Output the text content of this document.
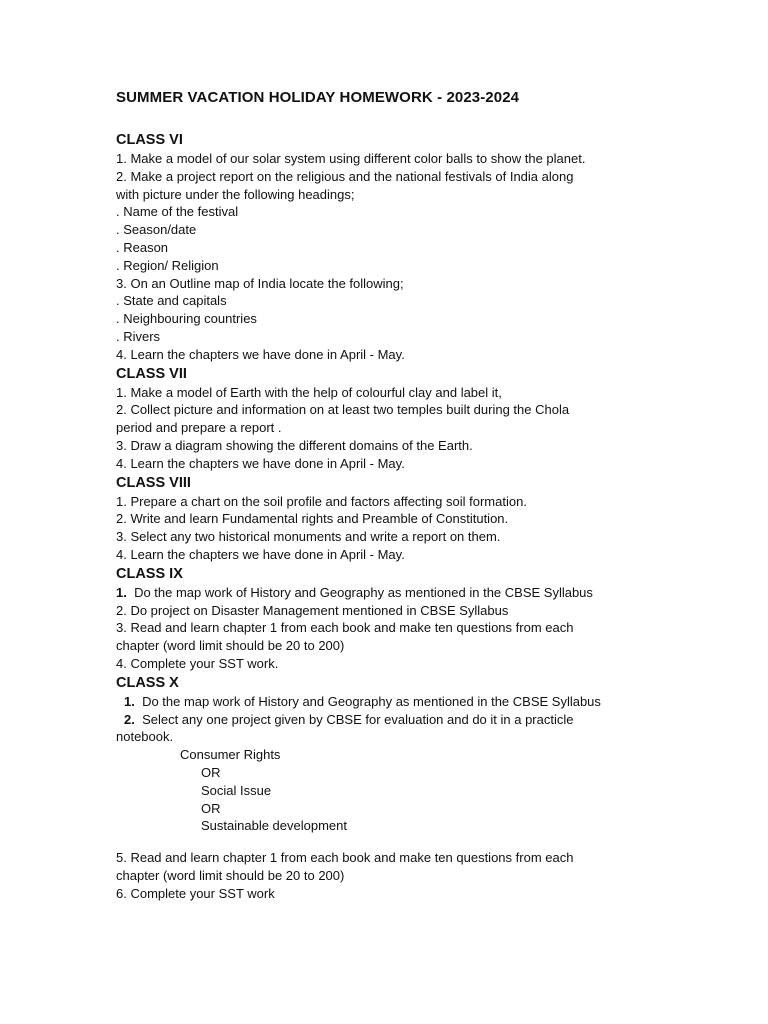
SUMMER VACATION HOLIDAY HOMEWORK - 2023-2024

CLASS VI

1. Make a model of our solar system using different color balls to show the planet.

2. Make a project report on the religious and the national festivals of India along

with picture under the following headings;

. Name of the festival

. Season/date

. Reason

. Region/ Religion

3. On an Outline map of India locate the following;

. State and capitals

. Neighbouring countries

. Rivers

4. Learn the chapters we have done in April - May.

CLASS VII

1. Make a model of Earth with the help of colourful clay and label it,

2. Collect picture and information on at least two temples built during the Chola

period and prepare a report .

3. Draw a diagram showing the different domains of the Earth.

4. Learn the chapters we have done in April - May.

CLASS VIII

1. Prepare a chart on the soil profile and factors affecting soil formation.

2. Write and learn Fundamental rights and Preamble of Constitution.

3. Select any two historical monuments and write a report on them.

4. Learn the chapters we have done in April - May.

CLASS IX

1.  Do the map work of History and Geography as mentioned in the CBSE Syllabus

2. Do project on Disaster Management mentioned in CBSE Syllabus

3. Read and learn chapter 1 from each book and make ten questions from each

chapter (word limit should be 20 to 200)

4. Complete your SST work.

CLASS X

1.  Do the map work of History and Geography as mentioned in the CBSE Syllabus

2.  Select any one project given by CBSE for evaluation and do it in a practicle

notebook.

Consumer Rights

OR

Social Issue

OR

Sustainable development

5. Read and learn chapter 1 from each book and make ten questions from each

chapter (word limit should be 20 to 200)

6. Complete your SST work
